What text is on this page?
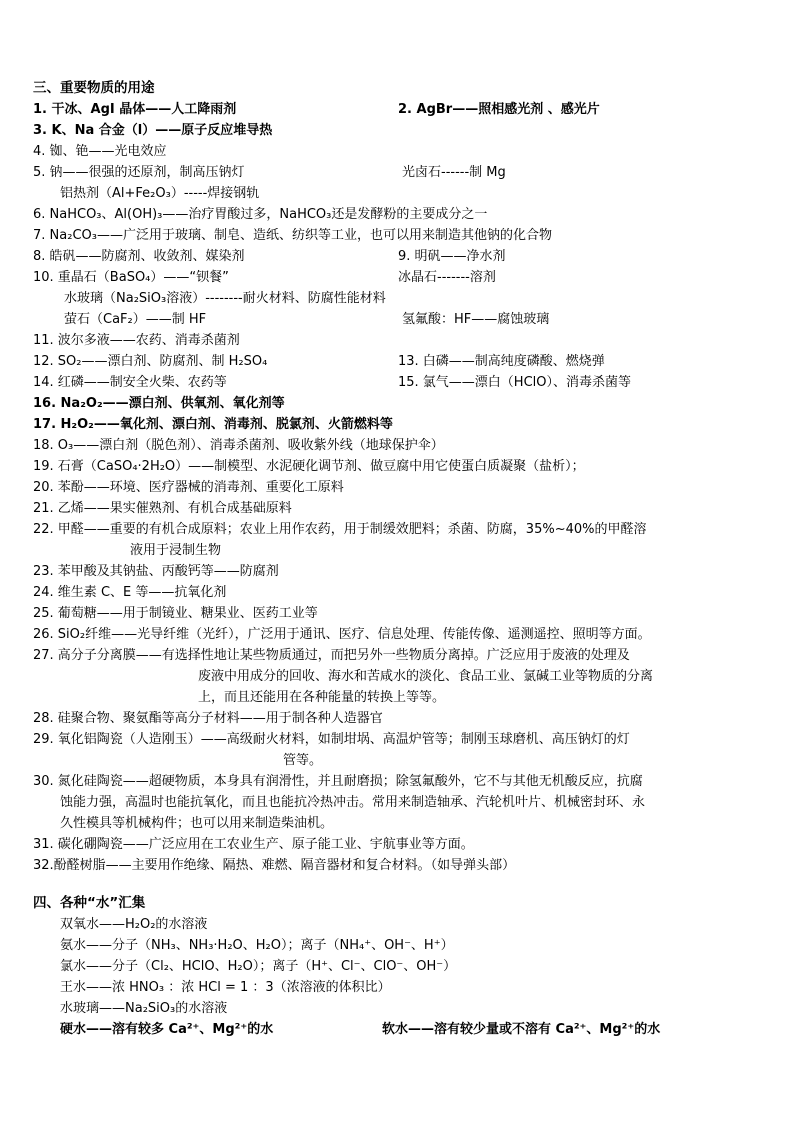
三、重要物质的用途
1. 干冰、AgI 晶体——人工降雨剂	2. AgBr——照相感光剂 、感光片
3. K、Na 合金（l）——原子反应堆导热
4. 铷、铯——光电效应
5. 钠——很强的还原剂，制高压钠灯	光卤石------制 Mg
铝热剂（Al+Fe₂O₃）-----焊接钢轨
6. NaHCO₃、Al(OH)₃——治疗胃酸过多，NaHCO₃还是发酵粉的主要成分之一
7. Na₂CO₃——广泛用于玻璃、制皂、造纸、纺织等工业，也可以用来制造其他钠的化合物
8. 皓矾——防腐剂、收敛剂、媒染剂	9. 明矾——净水剂
10. 重晶石（BaSO₄）——“钡餐”	冰晶石-------溶剂
水玻璃（Na₂SiO₃溶液）--------耐火材料、防腐性能材料
萤石（CaF₂）——制 HF	氢氟酸：HF——腐蚀玻璃
11. 波尔多液——农药、消毒杀菌剂
12. SO₂——漂白剂、防腐剂、制 H₂SO₄	13. 白磷——制高纯度磷酸、燃烧弹
14. 红磷——制安全火柴、农药等	15. 氯气——漂白（HClO）、消毒杀菌等
16. Na₂O₂——漂白剂、供氧剂、氧化剂等
17. H₂O₂——氧化剂、漂白剂、消毒剂、脱氯剂、火箭燃料等
18. O₃——漂白剂（脱色剂）、消毒杀菌剂、吸收紫外线（地球保护伞）
19. 石膏（CaSO₄·2H₂O）——制模型、水泥硬化调节剂、做豆腐中用它使蛋白质凝聚（盐析）；
20. 苯酚——环境、医疗器械的消毒剂、重要化工原料
21. 乙烯——果实催熟剂、有机合成基础原料
22. 甲醛——重要的有机合成原料；农业上用作农药，用于制缓效肥料；杀菌、防腐，35%~40%的甲醛溶
液用于浸制生物
23. 苯甲酸及其钠盐、丙酸钙等——防腐剂
24. 维生素 C、E 等——抗氧化剂
25. 葡萄糖——用于制镜业、糖果业、医药工业等
26. SiO₂纤维——光导纤维（光纤），广泛用于通讯、医疗、信息处理、传能传像、遥测遥控、照明等方面。
27. 高分子分离膜——有选择性地让某些物质通过，而把另外一些物质分离掉。广泛应用于废液的处理及
废液中用成分的回收、海水和苦咸水的淡化、食品工业、氯碱工业等物质的分离
上，而且还能用在各种能量的转换上等等。
28. 硅聚合物、聚氨酯等高分子材料——用于制各种人造器官
29. 氧化铝陶瓷（人造刚玉）——高级耐火材料，如制坩埚、高温炉管等；制刚玉球磨机、高压钠灯的灯
管等。
30. 氮化硅陶瓷——超硬物质，本身具有润滑性，并且耐磨损；除氢氟酸外，它不与其他无机酸反应，抗腐
蚀能力强，高温时也能抗氧化，而且也能抗冷热冲击。常用来制造轴承、汽轮机叶片、机械密封环、永
久性模具等机械构件；也可以用来制造柴油机。
31. 碳化硼陶瓷——广泛应用在工农业生产、原子能工业、宇航事业等方面。
32.酚醛树脂——主要用作绝缘、隔热、难燃、隔音器材和复合材料。（如导弹头部）
四、各种“水”汇集
双氧水——H₂O₂的水溶液
氨水——分子（NH₃、NH₃·H₂O、H₂O）；离子（NH₄⁺、OH⁻、H⁺）
氯水——分子（Cl₂、HClO、H₂O）；离子（H⁺、Cl⁻、ClO⁻、OH⁻）
王水——浓 HNO₃ ：浓 HCl = 1 ：3（浓溶液的体积比）
水玻璃——Na₂SiO₃的水溶液
硬水——溶有较多 Ca²⁺、Mg²⁺的水	软水——溶有较少量或不溶有 Ca²⁺、Mg²⁺的水
